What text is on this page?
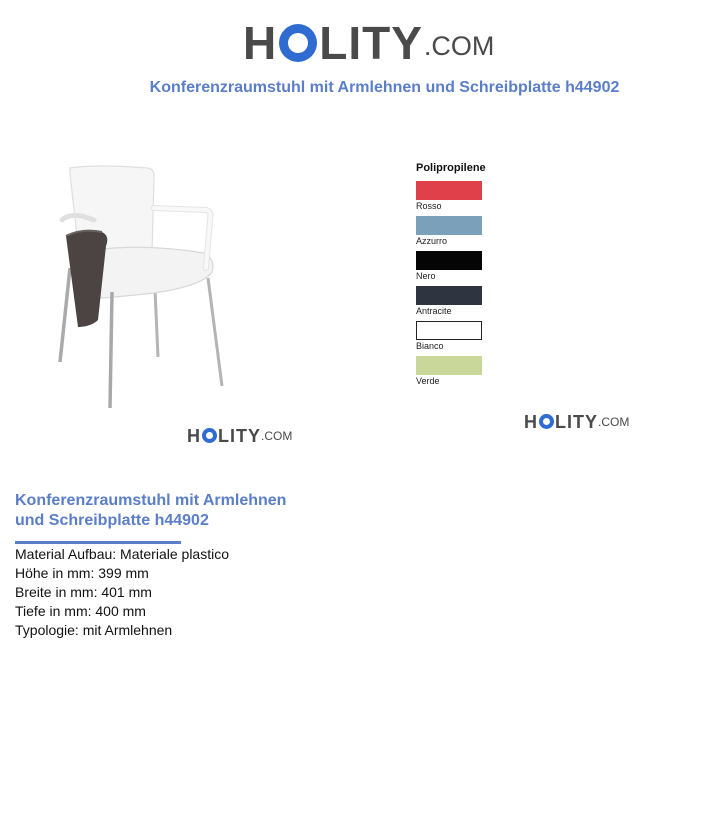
H LITY .COM
Konferenzraumstuhl mit Armlehnen und Schreibplatte h44902
H LITY .COM
Polipropilene
Rosso
Azzurro
Nero
Antracite
Bianco
Verde
H LITY .COM
Konferenzraumstuhl mit Armlehnen
und Schreibplatte h44902
Material Aufbau: Materiale plastico
Höhe in mm: 399 mm
Breite in mm: 401 mm
Tiefe in mm: 400 mm
Typologie: mit Armlehnen
